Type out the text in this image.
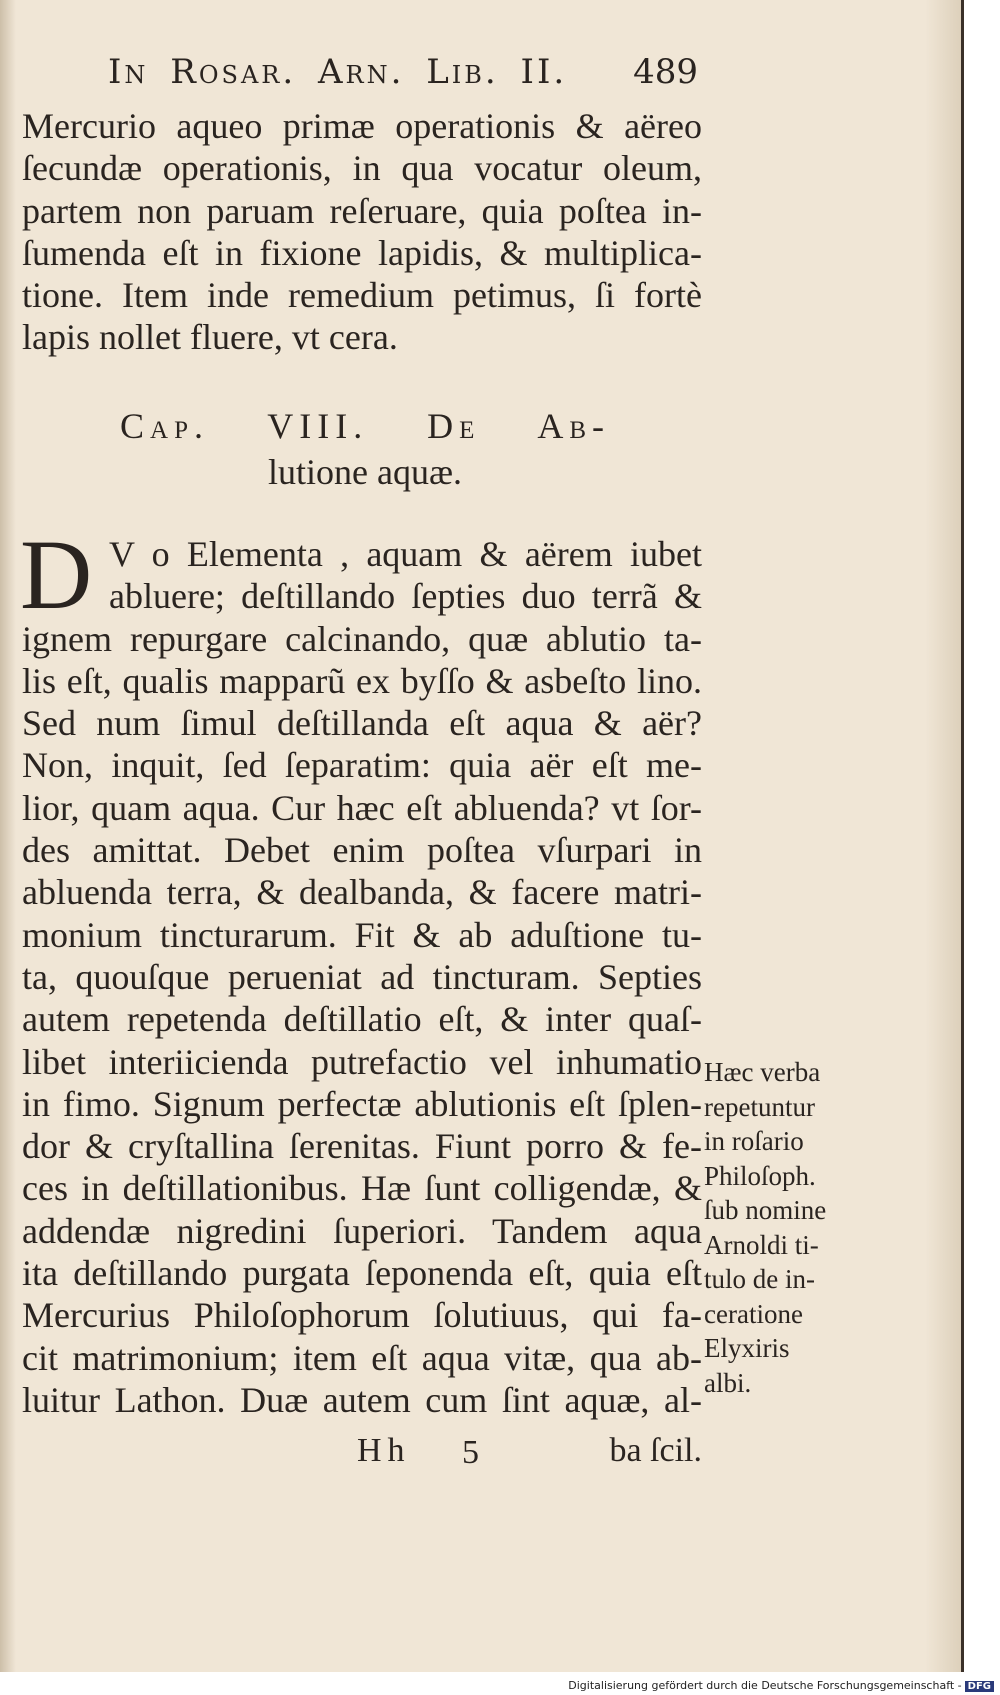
In Rosar. Arn. Lib. II. 489
Mercurio aqueo primæ operationis & aëreo
ſecundæ operationis, in qua vocatur oleum,
partem non paruam reſeruare, quia poſtea in-
ſumenda eſt in fixione lapidis, & multiplica-
tione. Item inde remedium petimus, ſi fortè
lapis nollet fluere, vt cera.
Cap. VIII. De Ab-
lutione aquæ.
D V o Elementa , aquam & aërem iubet
abluere; deſtillando ſepties duo terrã &
ignem repurgare calcinando, quæ ablutio ta-
lis eſt, qualis mapparũ ex byſſo & asbeſto lino.
Sed num ſimul deſtillanda eſt aqua & aër?
Non, inquit, ſed ſeparatim: quia aër eſt me-
lior, quam aqua. Cur hæc eſt abluenda? vt ſor-
des amittat. Debet enim poſtea vſurpari in
abluenda terra, & dealbanda, & facere matri-
monium tincturarum. Fit & ab aduſtione tu-
ta, quouſque perueniat ad tincturam. Septies
autem repetenda deſtillatio eſt, & inter quaſ-
libet interiicienda putrefactio vel inhumatio
in fimo. Signum perfectæ ablutionis eſt ſplen-
dor & cryſtallina ſerenitas. Fiunt porro & fe-
ces in deſtillationibus. Hæ ſunt colligendæ, &
addendæ nigredini ſuperiori. Tandem aqua
ita deſtillando purgata ſeponenda eſt, quia eſt
Mercurius Philoſophorum ſolutiuus, qui fa-
cit matrimonium; item eſt aqua vitæ, qua ab-
luitur Lathon. Duæ autem cum ſint aquæ, al-
Hæc verba
repetuntur
in roſario
Philoſoph.
ſub nomine
Arnoldi ti-
tulo de in-
ceratione
Elyxiris
albi.
Hh 5	ba ſcil.
Digitalisierung gefördert durch die Deutsche Forschungsgemeinschaft - DFG
